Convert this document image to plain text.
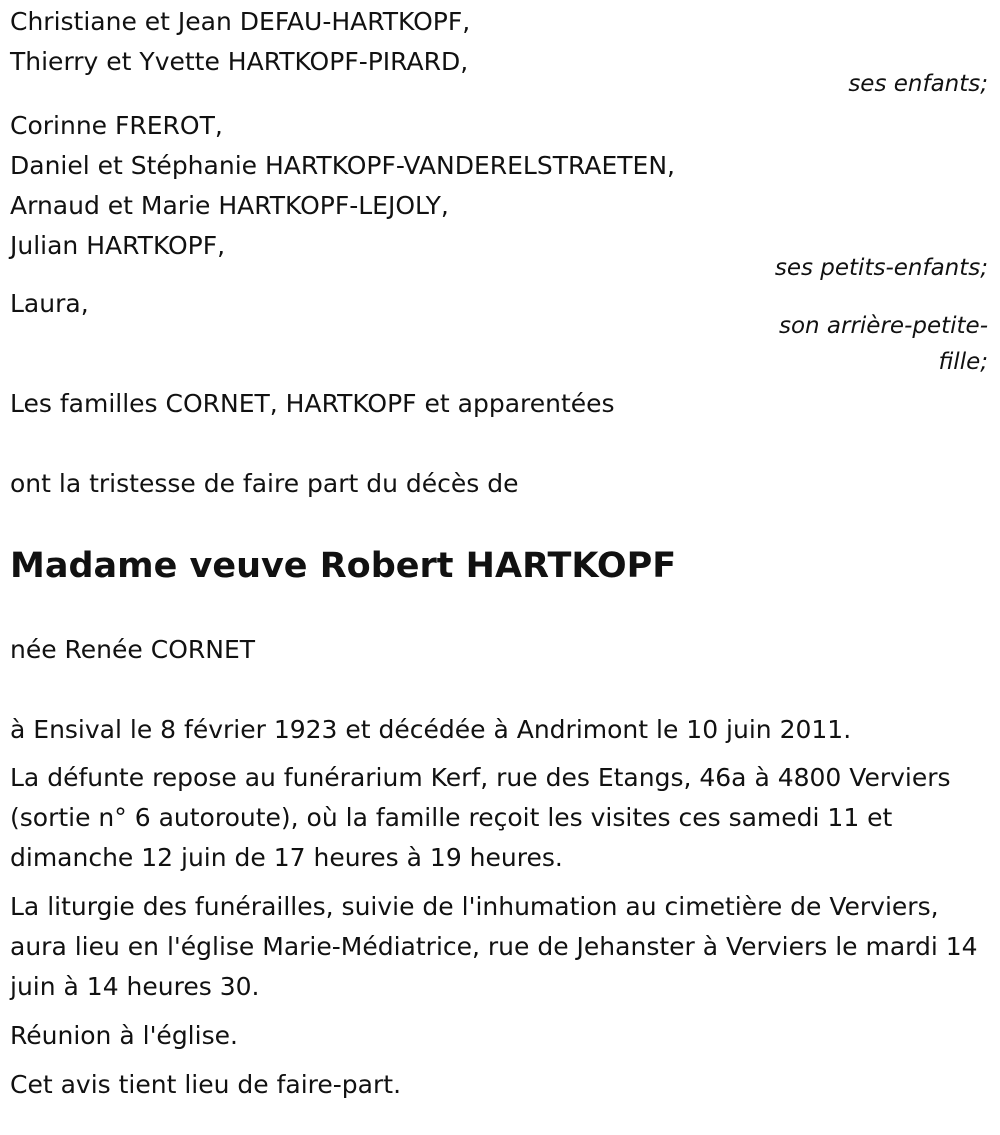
Christiane et Jean DEFAU-HARTKOPF,

Thierry et Yvette HARTKOPF-PIRARD,

ses enfants;

Corinne FREROT,

Daniel et Stéphanie HARTKOPF-VANDERELSTRAETEN,

Arnaud et Marie HARTKOPF-LEJOLY,

Julian HARTKOPF,

ses petits-enfants;

Laura,

son arrière-petite-fille;

Les familles CORNET, HARTKOPF et apparentées

ont la tristesse de faire part du décès de

Madame veuve Robert HARTKOPF

née Renée CORNET

à Ensival le 8 février 1923 et décédée à Andrimont le 10 juin 2011.

La défunte repose au funérarium Kerf, rue des Etangs, 46a à 4800 Verviers (sortie n° 6 autoroute), où la famille reçoit les visites ces samedi 11 et dimanche 12 juin de 17 heures à 19 heures.

La liturgie des funérailles, suivie de l'inhumation au cimetière de Verviers, aura lieu en l'église Marie-Médiatrice, rue de Jehanster à Verviers le mardi 14 juin à 14 heures 30.

Réunion à l'église.

Cet avis tient lieu de faire-part.
